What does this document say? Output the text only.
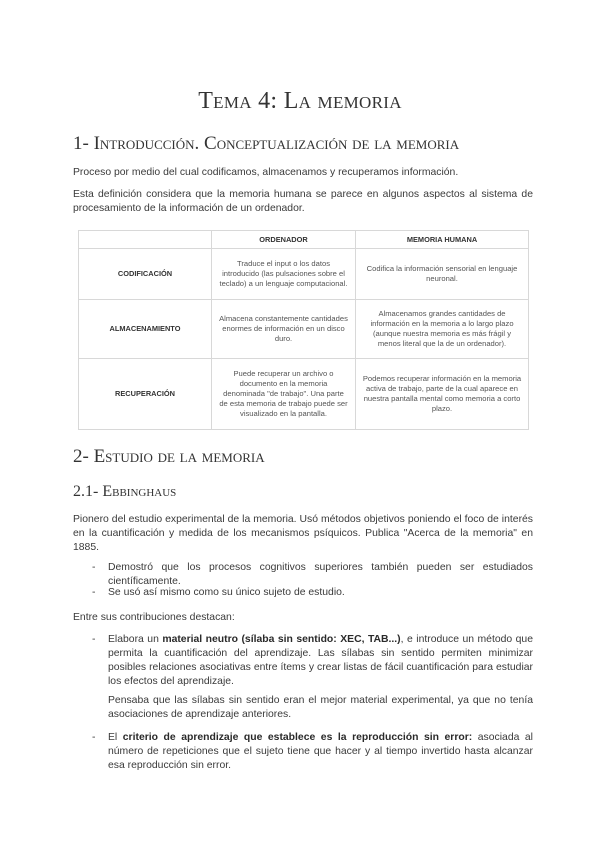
Tema 4: La memoria
1- Introducción. Conceptualización de la memoria

Proceso por medio del cual codificamos, almacenamos y recuperamos información.

Esta definición considera que la memoria humana se parece en algunos aspectos al sistema de procesamiento de la información de un ordenador.

	ORDENADOR	MEMORIA HUMANA
CODIFICACIÓN	Traduce el input o los datos introducido (las pulsaciones sobre el teclado) a un lenguaje computacional.	Codifica la información sensorial en lenguaje neuronal.
ALMACENAMIENTO	Almacena constantemente cantidades enormes de información en un disco duro.	Almacenamos grandes cantidades de información en la memoria a lo largo plazo (aunque nuestra memoria es más frágil y menos literal que la de un ordenador).
RECUPERACIÓN	Puede recuperar un archivo o documento en la memoria denominada "de trabajo". Una parte de esta memoria de trabajo puede ser visualizado en la pantalla.	Podemos recuperar información en la memoria activa de trabajo, parte de la cual aparece en nuestra pantalla mental como memoria a corto plazo.
2- Estudio de la memoria
2.1- Ebbinghaus

Pionero del estudio experimental de la memoria. Usó métodos objetivos poniendo el foco de interés en la cuantificación y medida de los mecanismos psíquicos. Publica "Acerca de la memoria" en 1885.

- Demostró que los procesos cognitivos superiores también pueden ser estudiados científicamente.

- Se usó así mismo como su único sujeto de estudio.

Entre sus contribuciones destacan:

- Elabora un material neutro (sílaba sin sentido: XEC, TAB...), e introduce un método que permita la cuantificación del aprendizaje. Las sílabas sin sentido permiten minimizar posibles relaciones asociativas entre ítems y crear listas de fácil cuantificación para estudiar los efectos del aprendizaje.

Pensaba que las sílabas sin sentido eran el mejor material experimental, ya que no tenía asociaciones de aprendizaje anteriores.

- El criterio de aprendizaje que establece es la reproducción sin error: asociada al número de repeticiones que el sujeto tiene que hacer y al tiempo invertido hasta alcanzar esa reproducción sin error.
